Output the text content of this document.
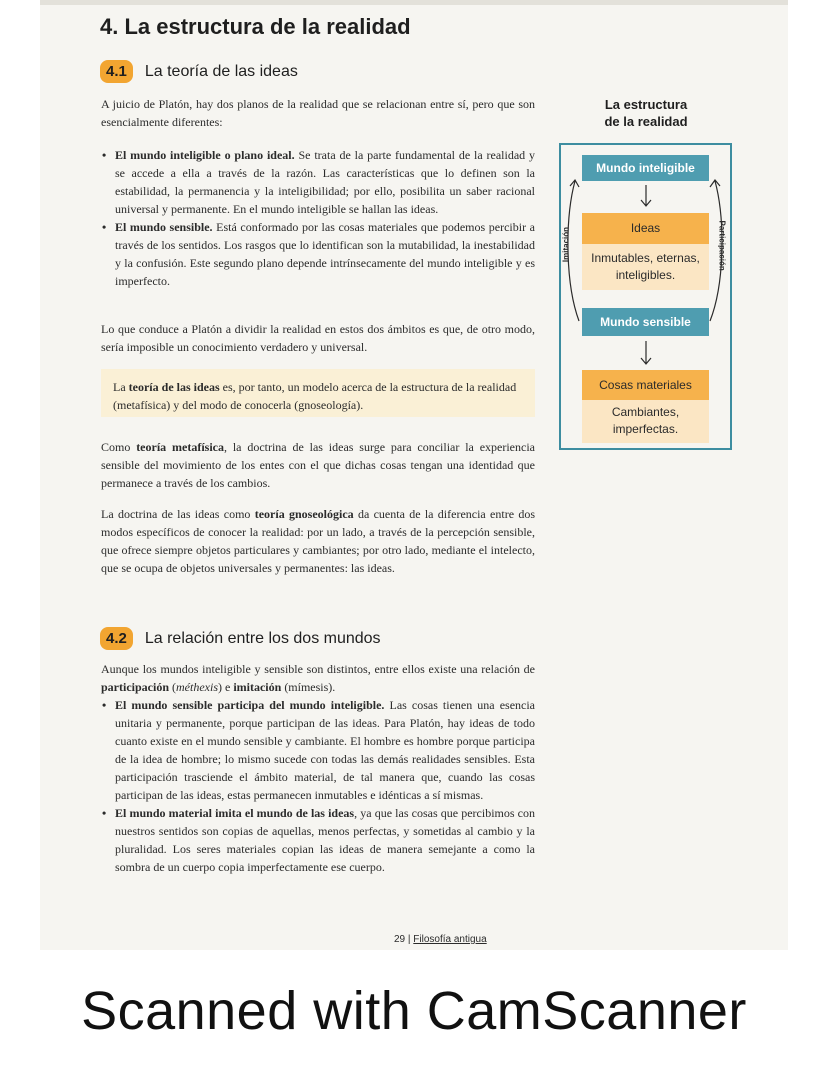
4. La estructura de la realidad
4.1	La teoría de las ideas

A juicio de Platón, hay dos planos de la realidad que se relacionan entre sí, pero que son esencialmente diferentes:

• El mundo inteligible o plano ideal. Se trata de la parte fundamental de la realidad y se accede a ella a través de la razón. Las características que lo definen son la estabilidad, la permanencia y la inteligibilidad; por ello, posibilita un saber racional universal y permanente. En el mundo inteligible se hallan las ideas.
• El mundo sensible. Está conformado por las cosas materiales que podemos percibir a través de los sentidos. Los rasgos que lo identifican son la mutabilidad, la inestabilidad y la confusión. Este segundo plano depende intrínsecamente del mundo inteligible y es imperfecto.

Lo que conduce a Platón a dividir la realidad en estos dos ámbitos es que, de otro modo, sería imposible un conocimiento verdadero y universal.

La teoría de las ideas es, por tanto, un modelo acerca de la estructura de la realidad (metafísica) y del modo de conocerla (gnoseología).

Como teoría metafísica, la doctrina de las ideas surge para conciliar la experiencia sensible del movimiento de los entes con el que dichas cosas tengan una identidad que permanece a través de los cambios.

La doctrina de las ideas como teoría gnoseológica da cuenta de la diferencia entre dos modos específicos de conocer la realidad: por un lado, a través de la percepción sensible, que ofrece siempre objetos particulares y cambiantes; por otro lado, mediante el intelecto, que se ocupa de objetos universales y permanentes: las ideas.

4.2	La relación entre los dos mundos

Aunque los mundos inteligible y sensible son distintos, entre ellos existe una relación de participación (méthexis) e imitación (mímesis).

• El mundo sensible participa del mundo inteligible. Las cosas tienen una esencia unitaria y permanente, porque participan de las ideas. Para Platón, hay ideas de todo cuanto existe en el mundo sensible y cambiante. El hombre es hombre porque participa de la idea de hombre; lo mismo sucede con todas las demás realidades sensibles. Esta participación trasciende el ámbito material, de tal manera que, cuando las cosas participan de las ideas, estas permanecen inmutables e idénticas a sí mismas.
• El mundo material imita el mundo de las ideas, ya que las cosas que percibimos con nuestros sentidos son copias de aquellas, menos perfectas, y sometidas al cambio y la pluralidad. Los seres materiales copian las ideas de manera semejante a como la sombra de un cuerpo copia imperfectamente ese cuerpo.
La estructura
de la realidad
Mundo inteligible
Ideas
Inmutables, eternas,
inteligibles.
Mundo sensible
Cosas materiales
Cambiantes,
imperfectas.
Imitación	Participación
29 | Filosofía antigua
Scanned with CamScanner
